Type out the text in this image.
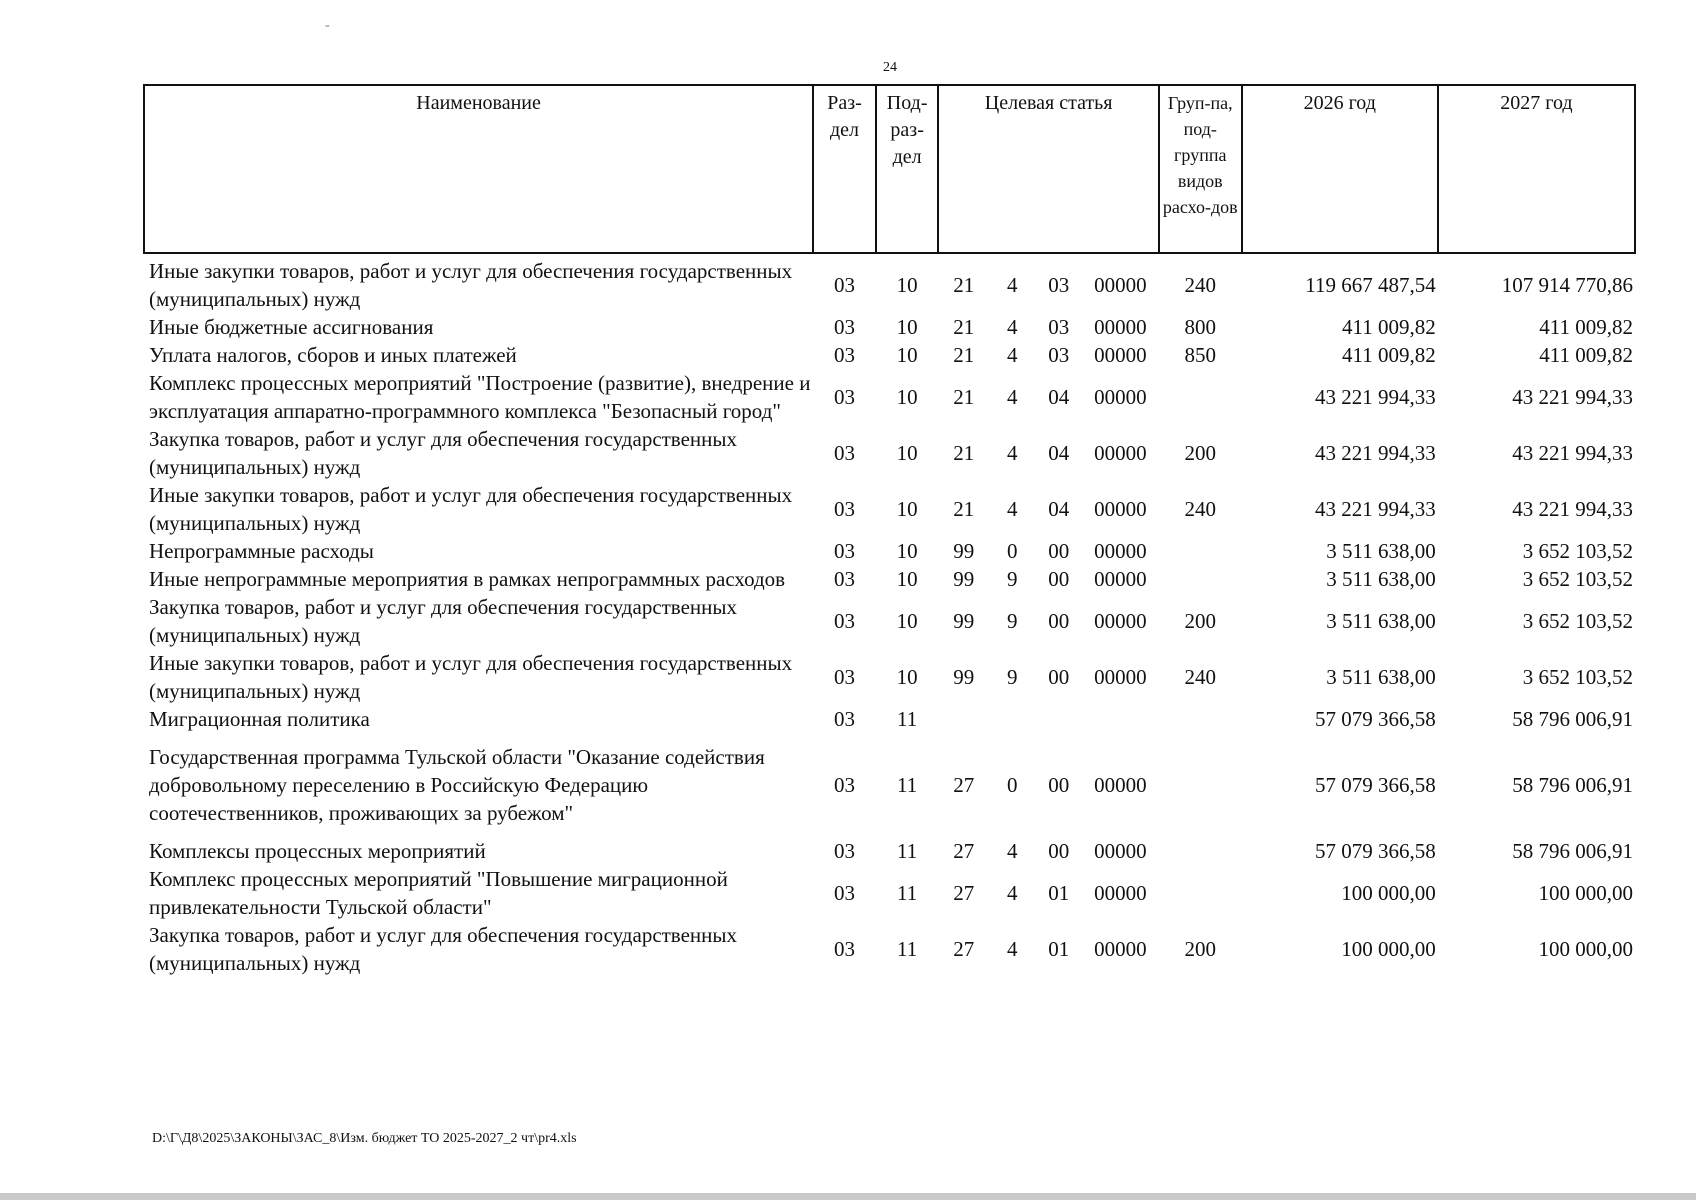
-
24
Наименование	Раз-дел	Под-раз-дел	Целевая статья				Груп-па, под-группа видов расхо-дов	2026 год	2027 год
Иные закупки товаров, работ и услуг для обеспечения государственных (муниципальных) нужд	03	10	21	4	03	00000	240	119 667 487,54	107 914 770,86
Иные бюджетные ассигнования	03	10	21	4	03	00000	800	411 009,82	411 009,82
Уплата налогов, сборов и иных платежей	03	10	21	4	03	00000	850	411 009,82	411 009,82
Комплекс процессных мероприятий "Построение (развитие), внедрение и эксплуатация аппаратно-программного комплекса "Безопасный город"	03	10	21	4	04	00000		43 221 994,33	43 221 994,33
Закупка товаров, работ и услуг для обеспечения государственных (муниципальных) нужд	03	10	21	4	04	00000	200	43 221 994,33	43 221 994,33
Иные закупки товаров, работ и услуг для обеспечения государственных (муниципальных) нужд	03	10	21	4	04	00000	240	43 221 994,33	43 221 994,33
Непрограммные расходы	03	10	99	0	00	00000		3 511 638,00	3 652 103,52
Иные непрограммные мероприятия в рамках непрограммных расходов	03	10	99	9	00	00000		3 511 638,00	3 652 103,52
Закупка товаров, работ и услуг для обеспечения государственных (муниципальных) нужд	03	10	99	9	00	00000	200	3 511 638,00	3 652 103,52
Иные закупки товаров, работ и услуг для обеспечения государственных (муниципальных) нужд	03	10	99	9	00	00000	240	3 511 638,00	3 652 103,52
Миграционная политика	03	11						57 079 366,58	58 796 006,91
Государственная программа Тульской области "Оказание содействия добровольному переселению в Российскую Федерацию соотечественников, проживающих за рубежом"	03	11	27	0	00	00000		57 079 366,58	58 796 006,91
Комплексы процессных мероприятий	03	11	27	4	00	00000		57 079 366,58	58 796 006,91
Комплекс процессных мероприятий "Повышение миграционной привлекательности Тульской области"	03	11	27	4	01	00000		100 000,00	100 000,00
Закупка товаров, работ и услуг для обеспечения государственных (муниципальных) нужд	03	11	27	4	01	00000	200	100 000,00	100 000,00
D:\Г\Д8\2025\ЗАКОНЫ\ЗАС_8\Изм. бюджет ТО 2025-2027_2 чт\pr4.xls
